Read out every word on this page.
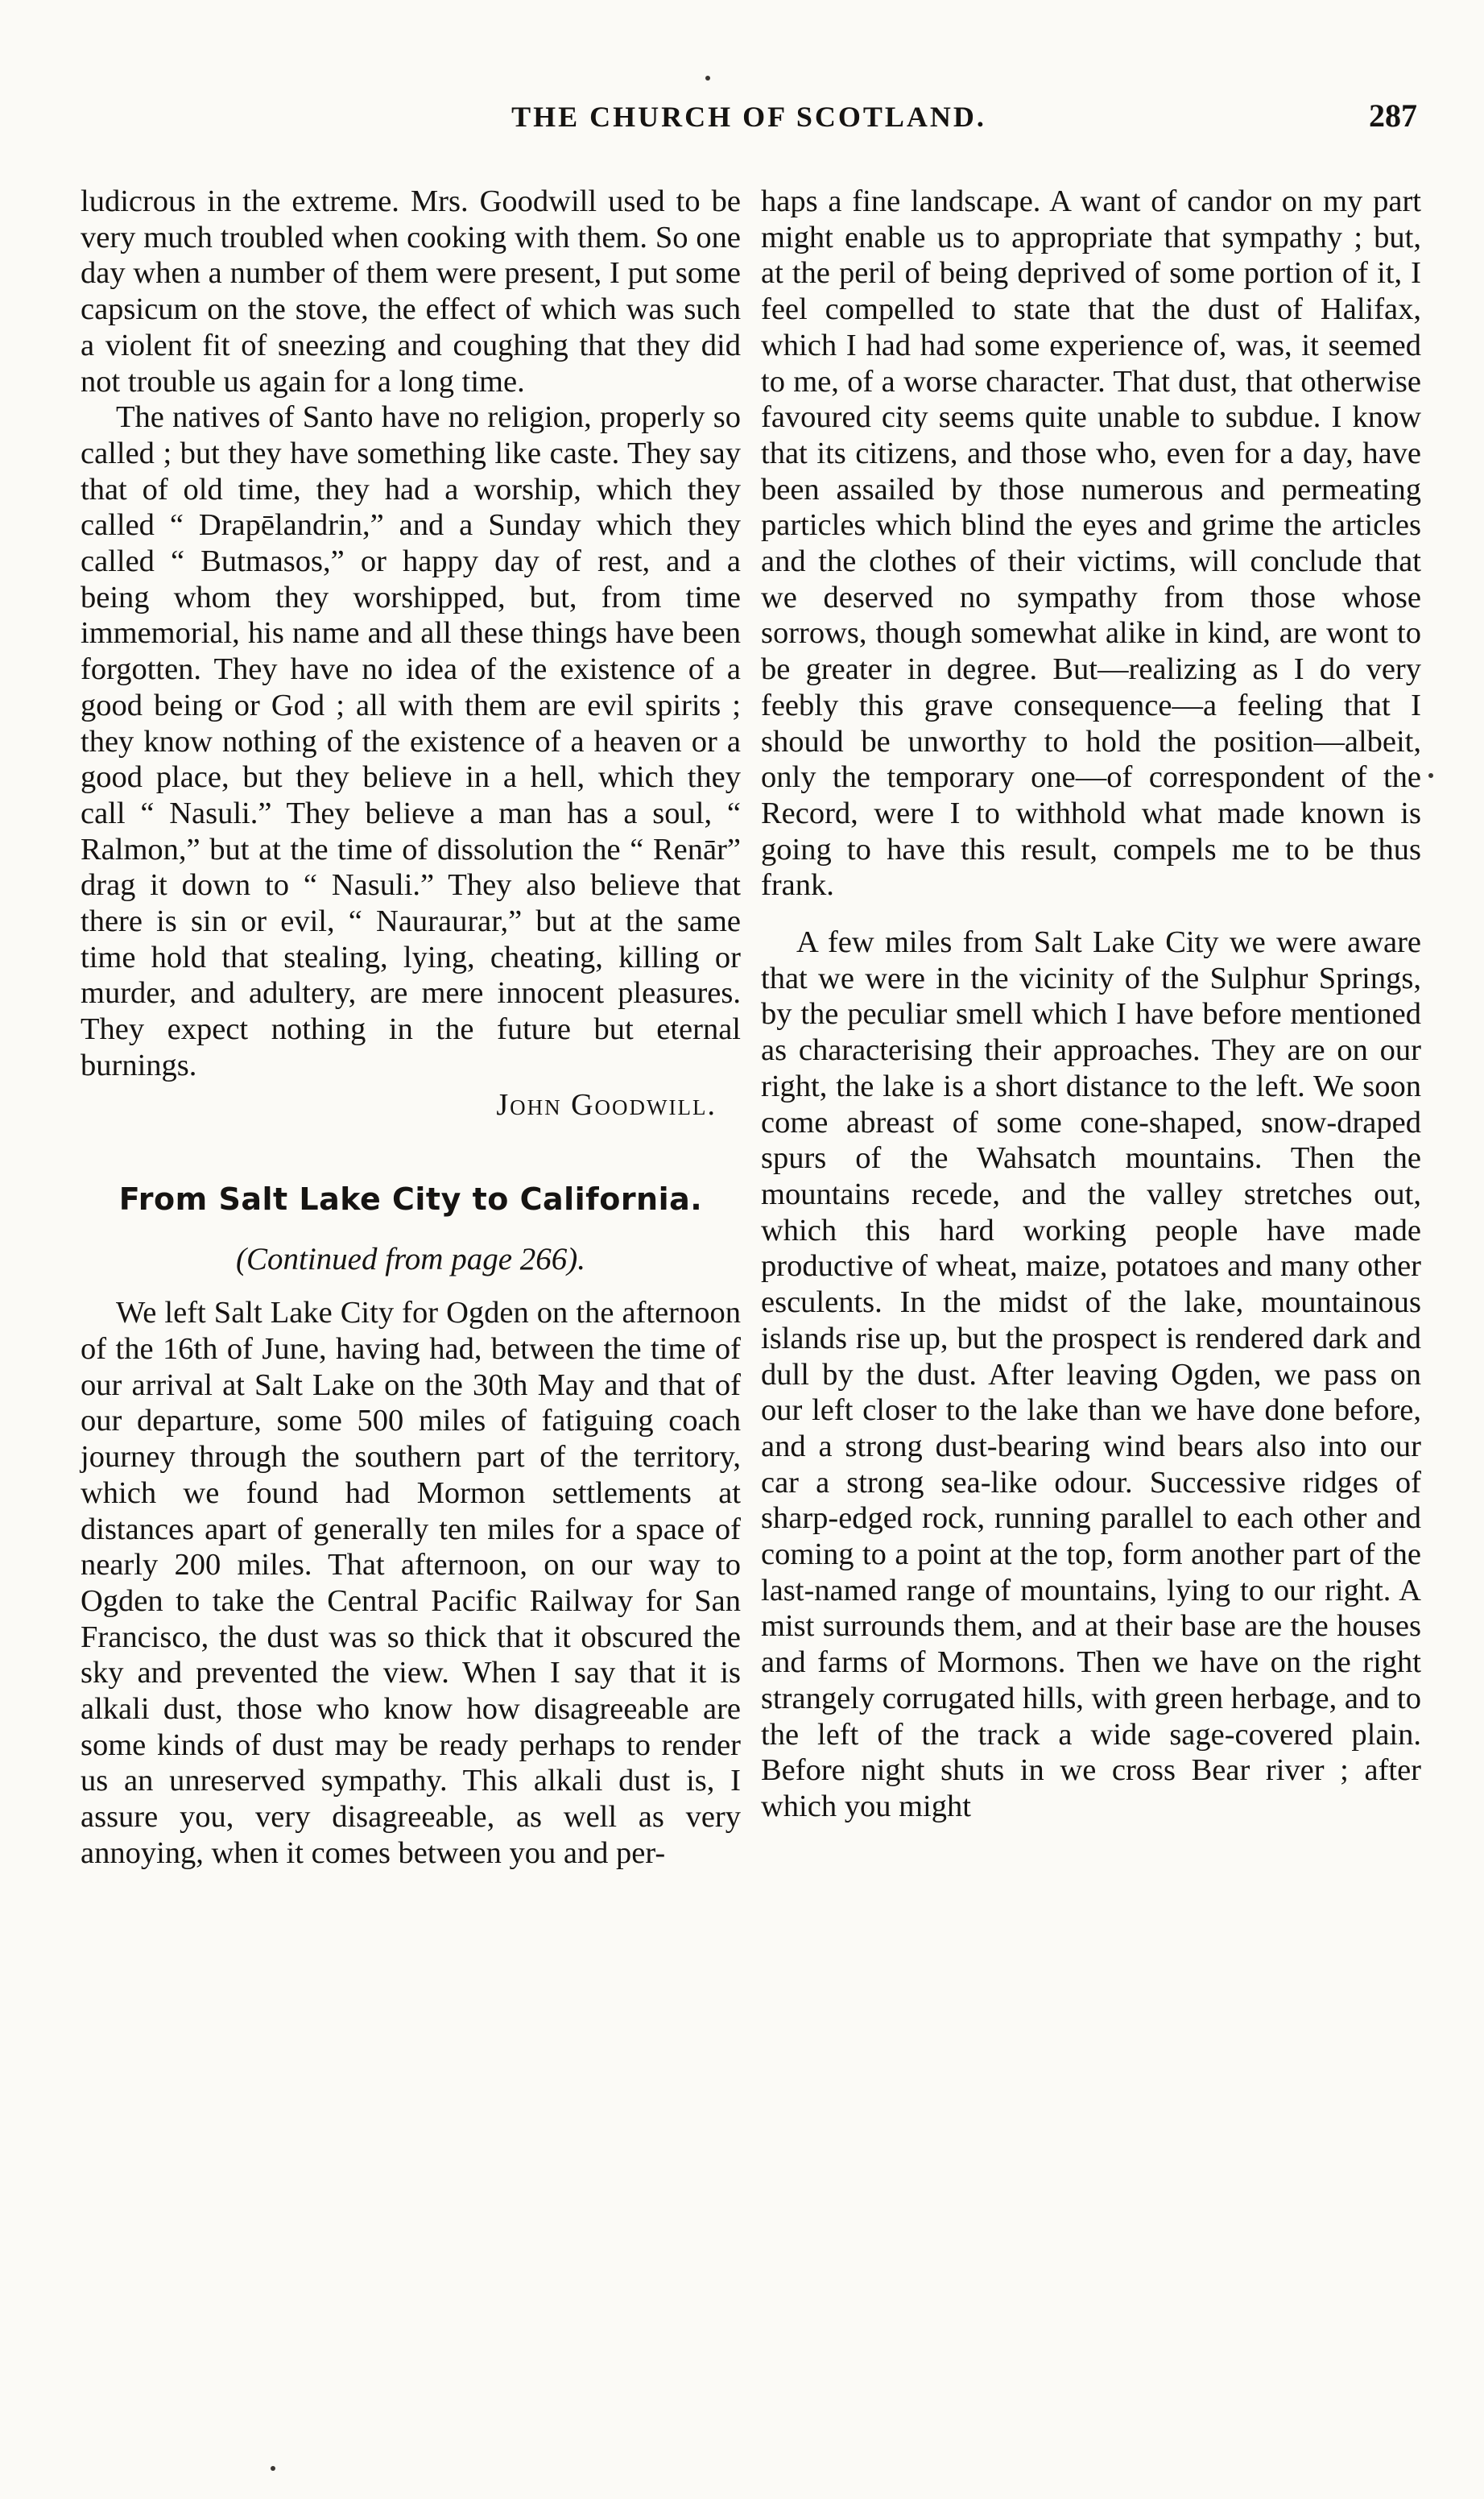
THE CHURCH OF SCOTLAND.	287

ludicrous in the extreme. Mrs. Goodwill used to be very much troubled when cooking with them. So one day when a number of them were present, I put some capsicum on the stove, the effect of which was such a violent fit of sneezing and coughing that they did not trouble us again for a long time.

The natives of Santo have no religion, properly so called ; but they have something like caste. They say that of old time, they had a worship, which they called “ Drapēlandrin,” and a Sunday which they called “ Butmasos,” or happy day of rest, and a being whom they worshipped, but, from time immemorial, his name and all these things have been forgotten. They have no idea of the existence of a good being or God ; all with them are evil spirits ; they know nothing of the existence of a heaven or a good place, but they believe in a hell, which they call “ Nasuli.” They believe a man has a soul, “ Ralmon,” but at the time of dissolution the “ Renār” drag it down to “ Nasuli.” They also believe that there is sin or evil, “ Nauraurar,” but at the same time hold that stealing, lying, cheating, killing or murder, and adultery, are mere innocent pleasures. They expect nothing in the future but eternal burnings.

John Goodwill.
From Salt Lake City to California.
(Continued from page 266).

We left Salt Lake City for Ogden on the afternoon of the 16th of June, having had, between the time of our arrival at Salt Lake on the 30th May and that of our departure, some 500 miles of fatiguing coach journey through the southern part of the territory, which we found had Mormon settlements at distances apart of generally ten miles for a space of nearly 200 miles. That afternoon, on our way to Ogden to take the Central Pacific Railway for San Francisco, the dust was so thick that it obscured the sky and prevented the view. When I say that it is alkali dust, those who know how disagreeable are some kinds of dust may be ready perhaps to render us an unreserved sympathy. This alkali dust is, I assure you, very disagreeable, as well as very annoying, when it comes between you and per-

haps a fine landscape. A want of candor on my part might enable us to appropriate that sympathy ; but, at the peril of being deprived of some portion of it, I feel compelled to state that the dust of Halifax, which I had had some experience of, was, it seemed to me, of a worse character. That dust, that otherwise favoured city seems quite unable to subdue. I know that its citizens, and those who, even for a day, have been assailed by those numerous and permeating particles which blind the eyes and grime the articles and the clothes of their victims, will conclude that we deserved no sympathy from those whose sorrows, though somewhat alike in kind, are wont to be greater in degree. But—realizing as I do very feebly this grave consequence—a feeling that I should be unworthy to hold the position—albeit, only the temporary one—of correspondent of the Record, were I to withhold what made known is going to have this result, compels me to be thus frank.

A few miles from Salt Lake City we were aware that we were in the vicinity of the Sulphur Springs, by the peculiar smell which I have before mentioned as characterising their approaches. They are on our right, the lake is a short distance to the left. We soon come abreast of some cone-shaped, snow-draped spurs of the Wahsatch mountains. Then the mountains recede, and the valley stretches out, which this hard working people have made productive of wheat, maize, potatoes and many other esculents. In the midst of the lake, mountainous islands rise up, but the prospect is rendered dark and dull by the dust. After leaving Ogden, we pass on our left closer to the lake than we have done before, and a strong dust-bearing wind bears also into our car a strong sea-like odour. Successive ridges of sharp-edged rock, running parallel to each other and coming to a point at the top, form another part of the last-named range of mountains, lying to our right. A mist surrounds them, and at their base are the houses and farms of Mormons. Then we have on the right strangely corrugated hills, with green herbage, and to the left of the track a wide sage-covered plain. Before night shuts in we cross Bear river ; after which you might
